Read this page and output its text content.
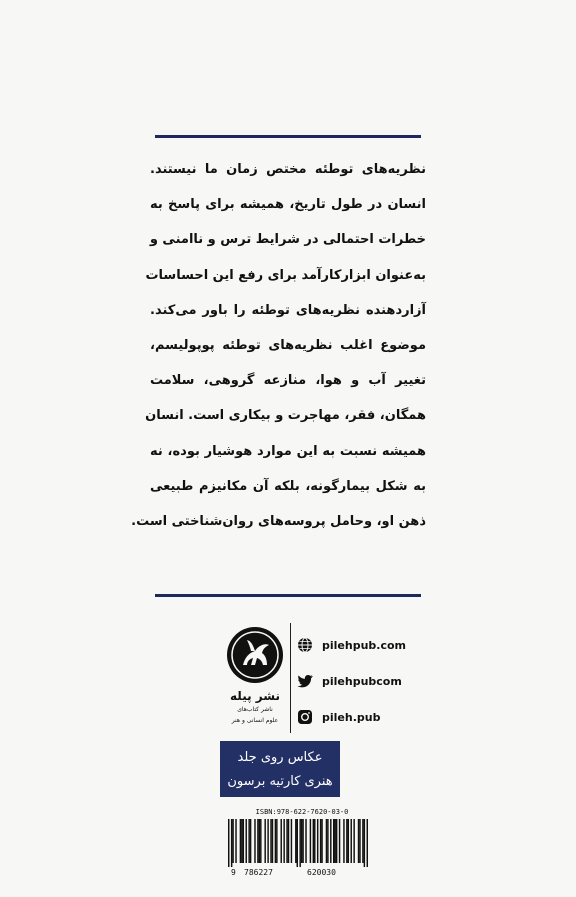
نظریه‌های توطئه مختص زمان ما نیستند.
انسان در طول تاریخ، همیشه برای پاسخ به
خطرات احتمالی در شرایط ترس و ناامنی و
به‌عنوان ابزارکارآمد برای رفع این احساسات
آزاردهنده نظریه‌های توطئه را باور می‌کند.
موضوع اغلب نظریه‌های توطئه پوپولیسم،
تغییر آب و هوا، منازعه گروهی، سلامت
همگان، فقر، مهاجرت و بیکاری است. انسان
همیشه نسبت به این موارد هوشیار بوده، نه
به شکل بیمارگونه، بلکه آن مکانیزم طبیعی
ذهن او، وحامل پروسه‌های روان‌شناختی است.
نشر پیله
ناشر کتاب‌های
علوم انسانی و هنر
pilehpub.com
pilehpubcom
pileh.pub
عکاس روی جلد
هنری کارتیه برسون
ISBN:978-622-7620-03-0
9 786227	620030
